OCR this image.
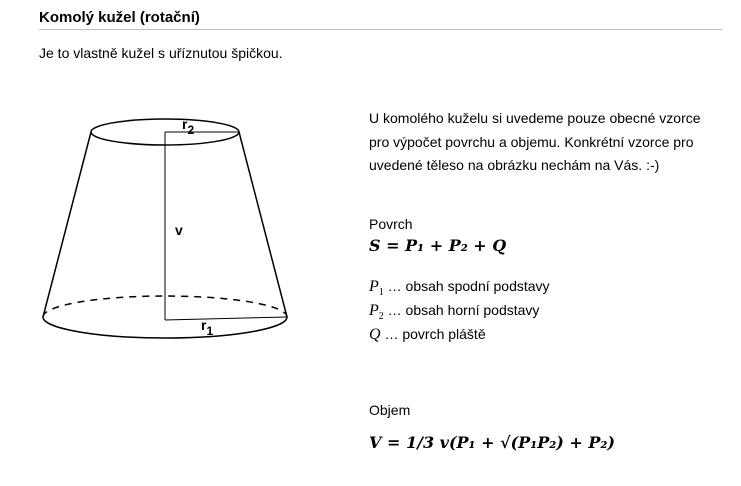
Komolý kužel (rotační)
Je to vlastně kužel s uříznutou špičkou.
r2
v
r1
U komolého kuželu si uvedeme pouze obecné vzorce pro výpočet povrchu a objemu. Konkrétní vzorce pro uvedené těleso na obrázku nechám na Vás. :-)
Povrch
S = P₁ + P₂ + Q
$P_1$ … obsah spodní podstavy
$P_2$ … obsah horní podstavy
Q … povrch pláště
Objem
V = 1/3 v(P₁ + √(P₁P₂) + P₂)
